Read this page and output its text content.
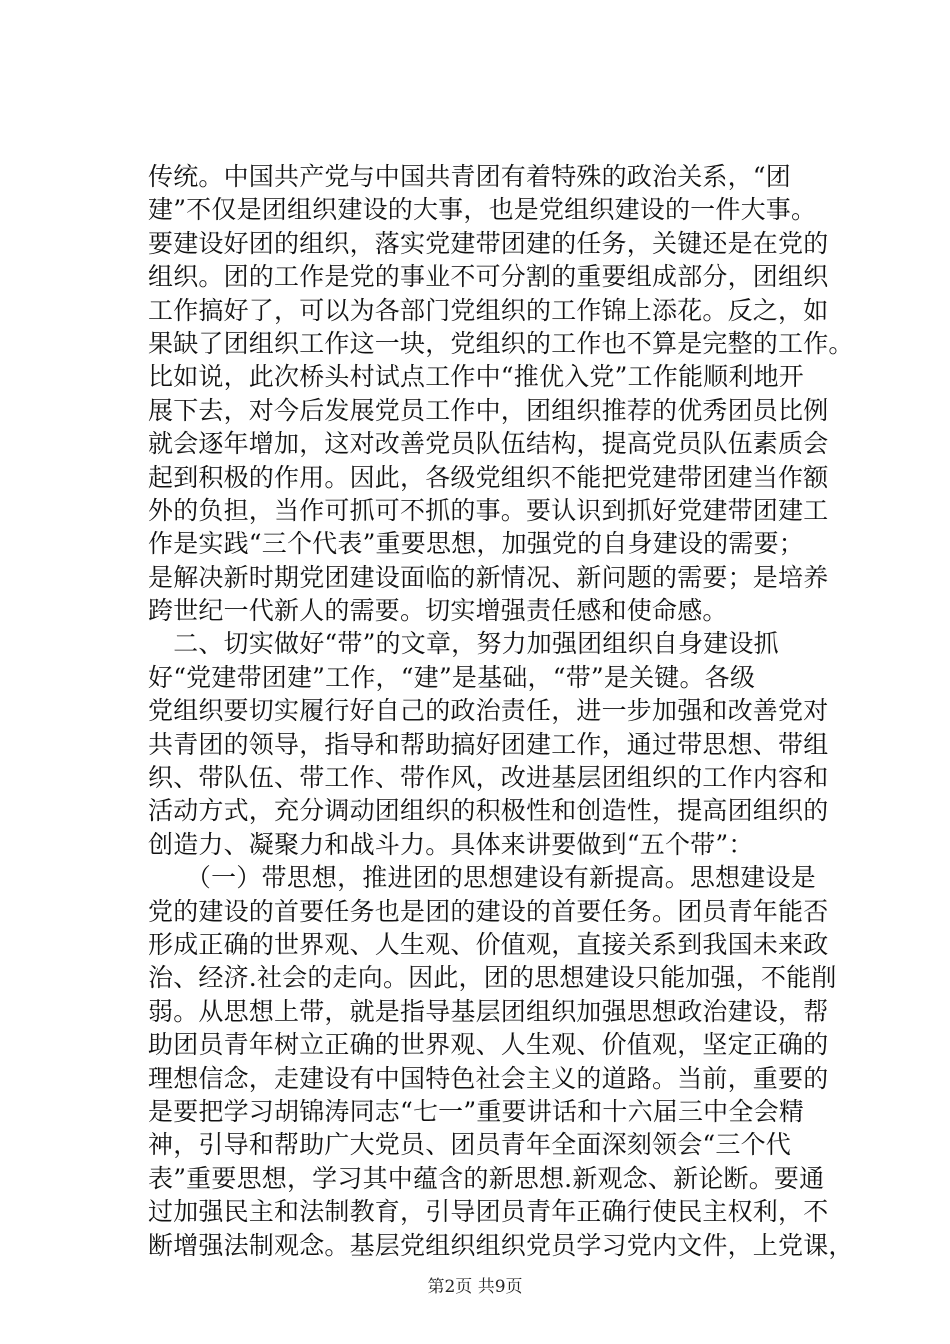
传统。中国共产党与中国共青团有着特殊的政治关系，“团
建”不仅是团组织建设的大事，也是党组织建设的一件大事。
要建设好团的组织，落实党建带团建的任务，关键还是在党的
组织。团的工作是党的事业不可分割的重要组成部分，团组织
工作搞好了，可以为各部门党组织的工作锦上添花。反之，如
果缺了团组织工作这一块，党组织的工作也不算是完整的工作。
比如说，此次桥头村试点工作中“推优入党”工作能顺利地开
展下去，对今后发展党员工作中，团组织推荐的优秀团员比例
就会逐年增加，这对改善党员队伍结构，提高党员队伍素质会
起到积极的作用。因此，各级党组织不能把党建带团建当作额
外的负担，当作可抓可不抓的事。要认识到抓好党建带团建工
作是实践“三个代表”重要思想，加强党的自身建设的需要；
是解决新时期党团建设面临的新情况、新问题的需要；是培养
跨世纪一代新人的需要。切实增强责任感和使命感。
　二、切实做好“带”的文章，努力加强团组织自身建设抓
好“党建带团建”工作，“建”是基础，“带”是关键。各级
党组织要切实履行好自己的政治责任，进一步加强和改善党对
共青团的领导，指导和帮助搞好团建工作，通过带思想、带组
织、带队伍、带工作、带作风，改进基层团组织的工作内容和
活动方式，充分调动团组织的积极性和创造性，提高团组织的
创造力、凝聚力和战斗力。具体来讲要做到“五个带”：
　　（一）带思想，推进团的思想建设有新提高。思想建设是
党的建设的首要任务也是团的建设的首要任务。团员青年能否
形成正确的世界观、人生观、价值观，直接关系到我国未来政
治、经济.社会的走向。因此，团的思想建设只能加强，不能削
弱。从思想上带，就是指导基层团组织加强思想政治建设，帮
助团员青年树立正确的世界观、人生观、价值观，坚定正确的
理想信念，走建设有中国特色社会主义的道路。当前，重要的
是要把学习胡锦涛同志“七一”重要讲话和十六届三中全会精
神，引导和帮助广大党员、团员青年全面深刻领会“三个代
表”重要思想，学习其中蕴含的新思想.新观念、新论断。要通
过加强民主和法制教育，引导团员青年正确行使民主权利，不
断增强法制观念。基层党组织组织党员学习党内文件，上党课，
第2页 共9页
